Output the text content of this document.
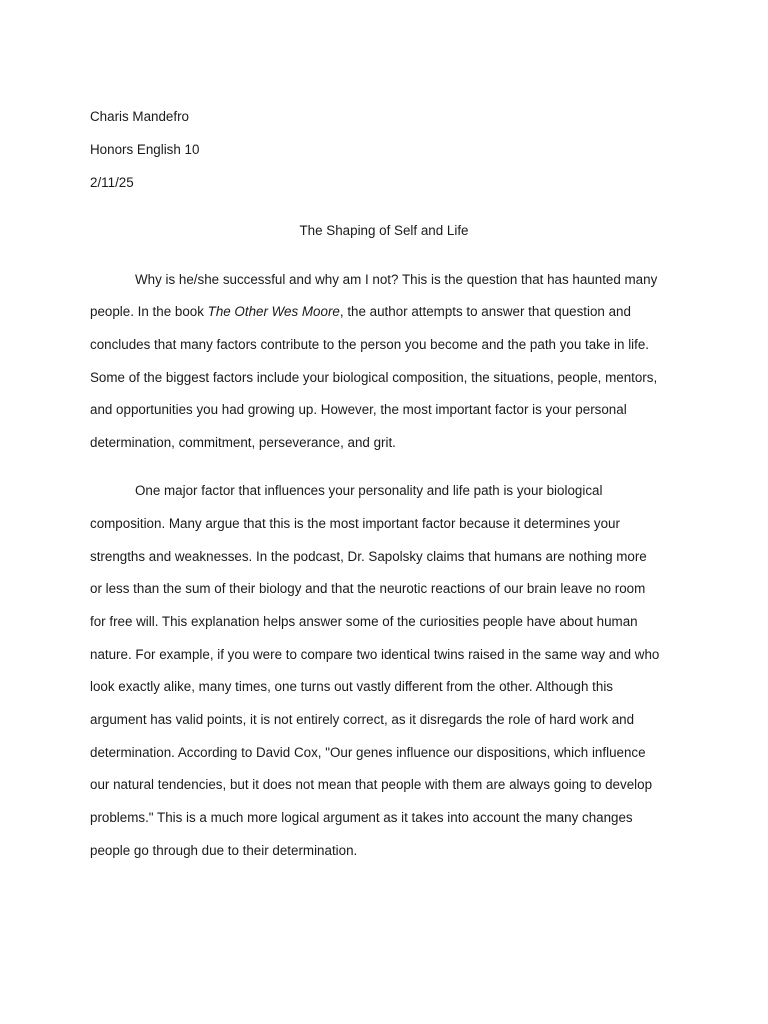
Charis Mandefro
Honors English 10
2/11/25
The Shaping of Self and Life
Why is he/she successful and why am I not? This is the question that has haunted many
people. In the book The Other Wes Moore, the author attempts to answer that question and
concludes that many factors contribute to the person you become and the path you take in life.
Some of the biggest factors include your biological composition, the situations, people, mentors,
and opportunities you had growing up. However, the most important factor is your personal
determination, commitment, perseverance, and grit.
One major factor that influences your personality and life path is your biological
composition. Many argue that this is the most important factor because it determines your
strengths and weaknesses. In the podcast, Dr. Sapolsky claims that humans are nothing more
or less than the sum of their biology and that the neurotic reactions of our brain leave no room
for free will. This explanation helps answer some of the curiosities people have about human
nature. For example, if you were to compare two identical twins raised in the same way and who
look exactly alike, many times, one turns out vastly different from the other. Although this
argument has valid points, it is not entirely correct, as it disregards the role of hard work and
determination. According to David Cox, "Our genes influence our dispositions, which influence
our natural tendencies, but it does not mean that people with them are always going to develop
problems." This is a much more logical argument as it takes into account the many changes
people go through due to their determination.
